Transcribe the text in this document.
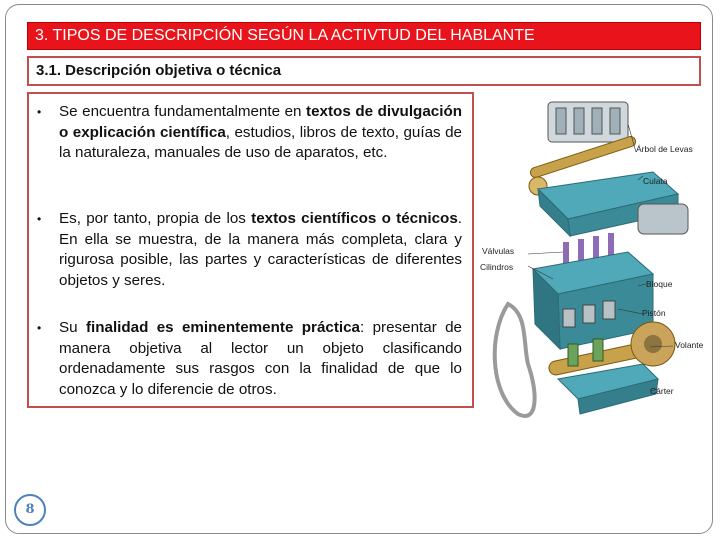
3. TIPOS DE DESCRIPCIÓN SEGÚN LA ACTIVTUD DEL HABLANTE
3.1. Descripción objetiva o técnica
• Se encuentra fundamentalmente en textos de divulgación o explicación científica, estudios, libros de texto, guías de la naturaleza, manuales de uso de aparatos, etc.
• Es, por tanto, propia de los textos científicos o técnicos. En ella se muestra, de la manera más completa, clara y rigurosa posible, las partes y características de diferentes objetos y seres.
• Su finalidad es eminentemente práctica: presentar de manera objetiva al lector un objeto clasificando ordenadamente sus rasgos con la finalidad de que lo conozca y lo diferencie de otros.
Árbol de Levas
Culata
Válvulas
Cilindros
Bloque
Pistón
Volante
Cárter
8
